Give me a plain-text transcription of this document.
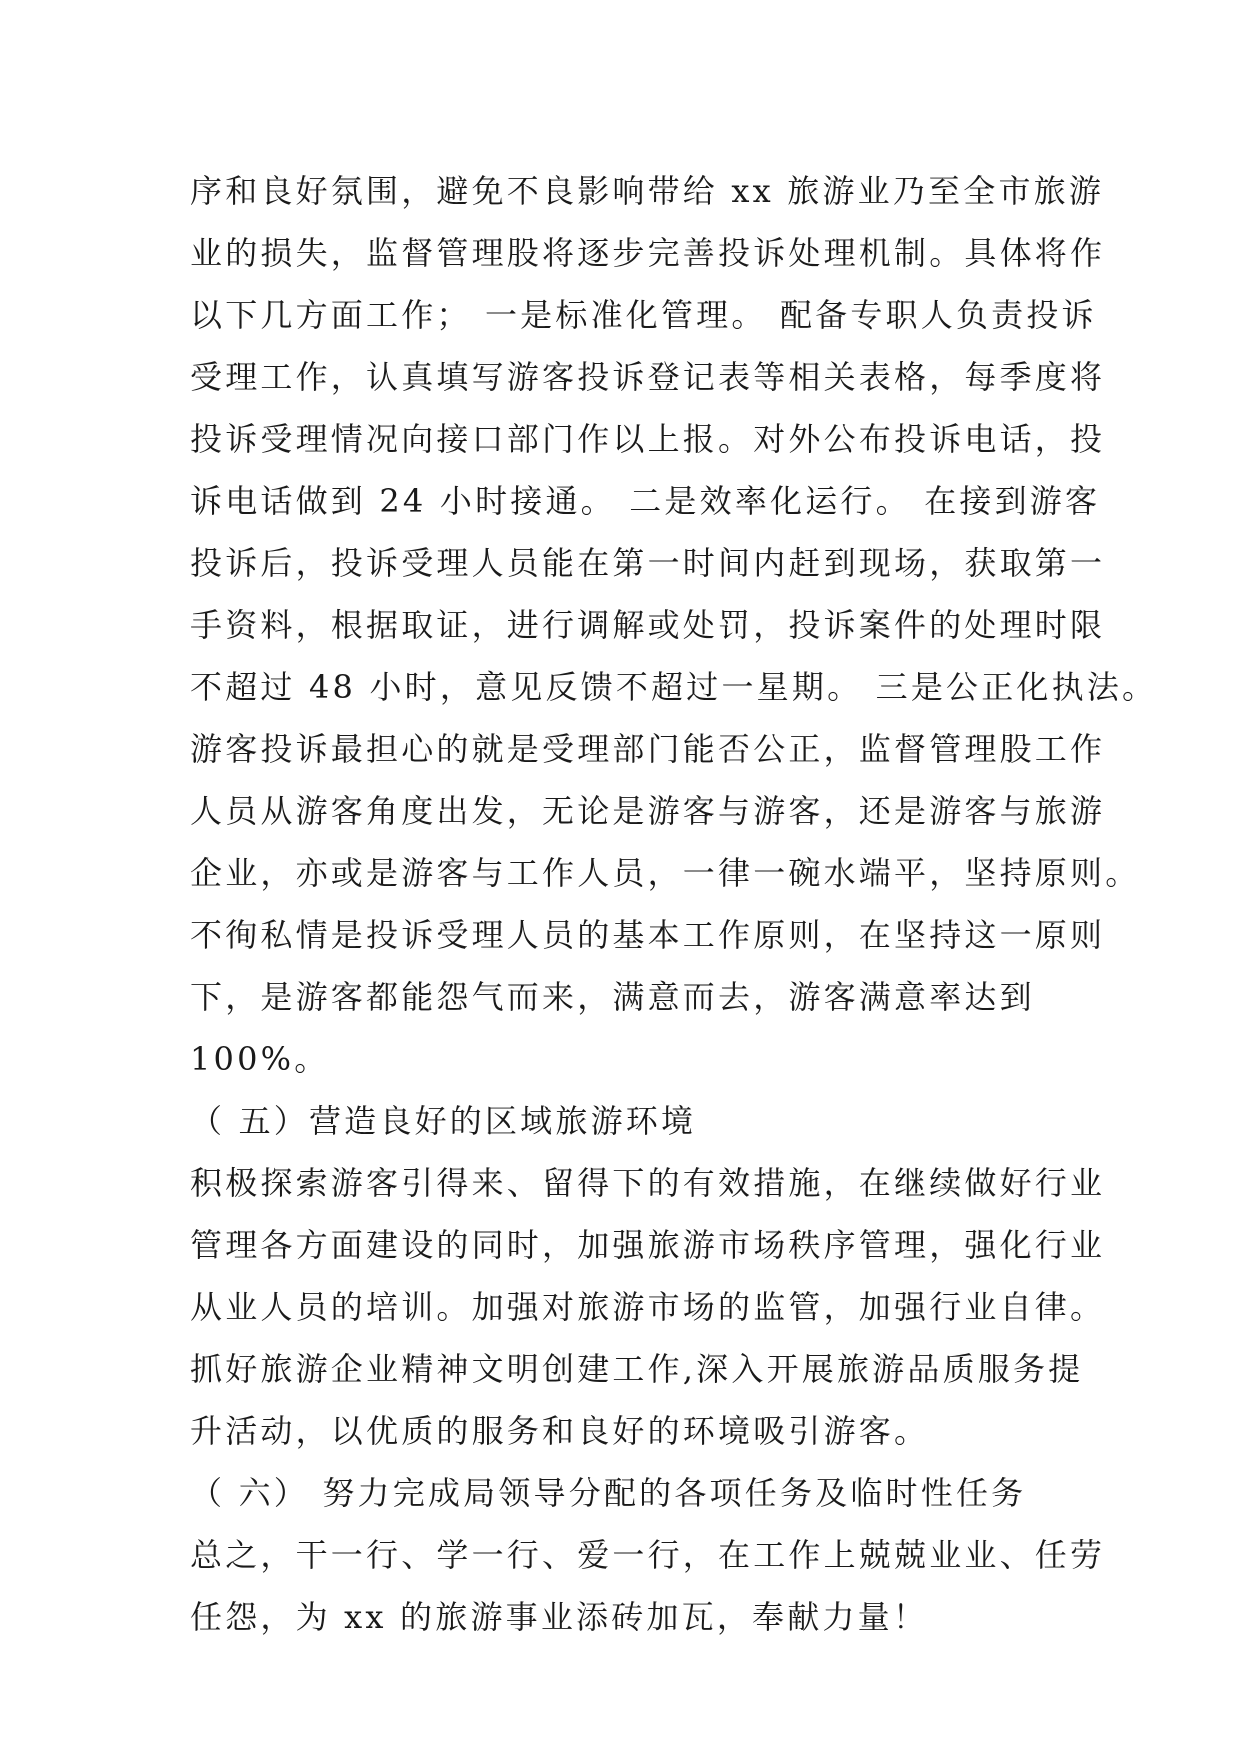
序和良好氛围，避免不良影响带给 xx 旅游业乃至全市旅游
业的损失，监督管理股将逐步完善投诉处理机制。具体将作
以下几方面工作； 一是标准化管理。 配备专职人负责投诉
受理工作，认真填写游客投诉登记表等相关表格，每季度将
投诉受理情况向接口部门作以上报。对外公布投诉电话，投
诉电话做到 24 小时接通。 二是效率化运行。 在接到游客
投诉后，投诉受理人员能在第一时间内赶到现场，获取第一
手资料，根据取证，进行调解或处罚，投诉案件的处理时限
不超过 48 小时，意见反馈不超过一星期。 三是公正化执法。
游客投诉最担心的就是受理部门能否公正，监督管理股工作
人员从游客角度出发，无论是游客与游客，还是游客与旅游
企业，亦或是游客与工作人员，一律一碗水端平，坚持原则。
不徇私情是投诉受理人员的基本工作原则，在坚持这一原则
下，是游客都能怨气而来，满意而去，游客满意率达到
100%。
（ 五）营造良好的区域旅游环境
积极探索游客引得来、留得下的有效措施，在继续做好行业
管理各方面建设的同时，加强旅游市场秩序管理，强化行业
从业人员的培训。加强对旅游市场的监管，加强行业自律。
抓好旅游企业精神文明创建工作,深入开展旅游品质服务提
升活动，以优质的服务和良好的环境吸引游客。
（ 六） 努力完成局领导分配的各项任务及临时性任务
总之，干一行、学一行、爱一行，在工作上兢兢业业、任劳
任怨，为 xx 的旅游事业添砖加瓦，奉献力量！
